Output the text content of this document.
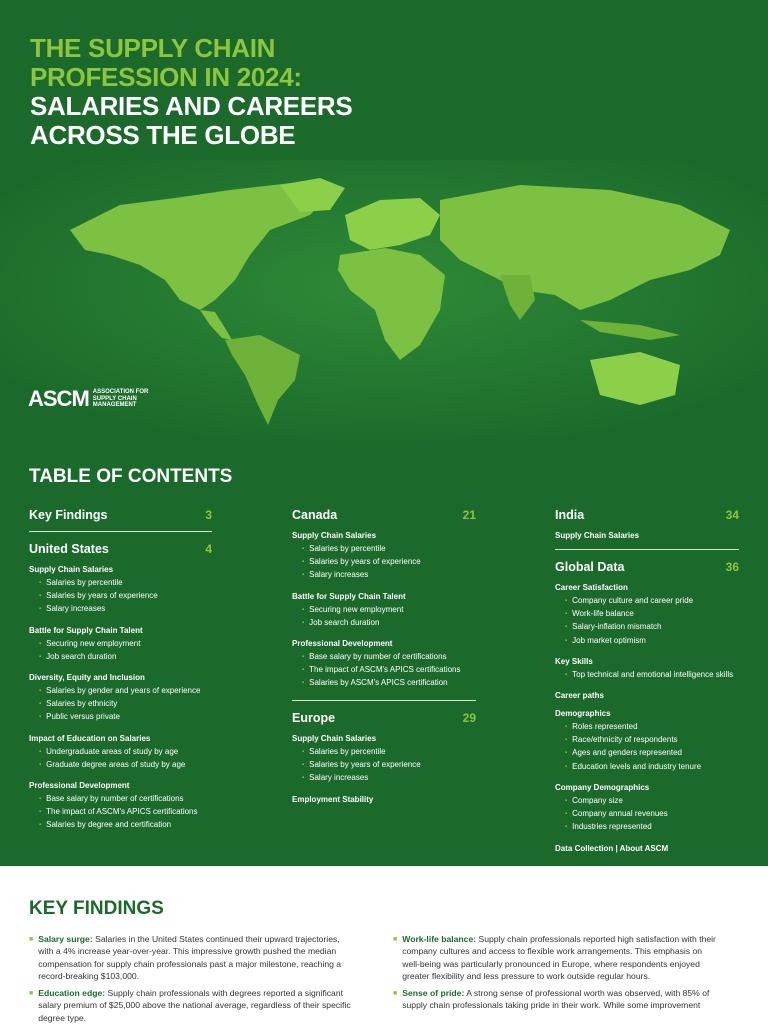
THE SUPPLY CHAIN
PROFESSION IN 2024:
SALARIES AND CAREERS
ACROSS THE GLOBE
ASCM ASSOCIATION FOR
SUPPLY CHAIN
MANAGEMENT
TABLE OF CONTENTS
Key Findings	3
United States	4
Supply Chain Salaries
▪ Salaries by percentile
▪ Salaries by years of experience
▪ Salary increases
Battle for Supply Chain Talent
▪ Securing new employment
▪ Job search duration
Diversity, Equity and Inclusion
▪ Salaries by gender and years of experience
▪ Salaries by ethnicity
▪ Public versus private
Impact of Education on Salaries
▪ Undergraduate areas of study by age
▪ Graduate degree areas of study by age
Professional Development
▪ Base salary by number of certifications
▪ The impact of ASCM's APICS certifications
▪ Salaries by degree and certification
Canada	21
Supply Chain Salaries
▪ Salaries by percentile
▪ Salaries by years of experience
▪ Salary increases
Battle for Supply Chain Talent
▪ Securing new employment
▪ Job search duration
Professional Development
▪ Base salary by number of certifications
▪ The impact of ASCM's APICS certifications
▪ Salaries by ASCM's APICS certification
Europe	29
Supply Chain Salaries
▪ Salaries by percentile
▪ Salaries by years of experience
▪ Salary increases
Employment Stability
India	34
Supply Chain Salaries
Global Data	36
Career Satisfaction
▪ Company culture and career pride
▪ Work-life balance
▪ Salary-inflation mismatch
▪ Job market optimism
Key Skills
▪ Top technical and emotional intelligence skills
Career paths
Demographics
▪ Roles represented
▪ Race/ethnicity of respondents
▪ Ages and genders represented
▪ Education levels and industry tenure
Company Demographics
▪ Company size
▪ Company annual revenues
▪ Industries represented
Data Collection | About ASCM
KEY FINDINGS
■ Salary surge: Salaries in the United States continued their upward trajectories, with a 4% increase year-over-year. This impressive growth pushed the median compensation for supply chain professionals past a major milestone, reaching a record-breaking $103,000.
■ Education edge: Supply chain professionals with degrees reported a significant salary premium of $25,000 above the national average, regardless of their specific degree type.
■ Work-life balance: Supply chain professionals reported high satisfaction with their company cultures and access to flexible work arrangements. This emphasis on well-being was particularly pronounced in Europe, where respondents enjoyed greater flexibility and less pressure to work outside regular hours.
■ Sense of pride: A strong sense of professional worth was observed, with 85% of supply chain professionals taking pride in their work. While some improvement
